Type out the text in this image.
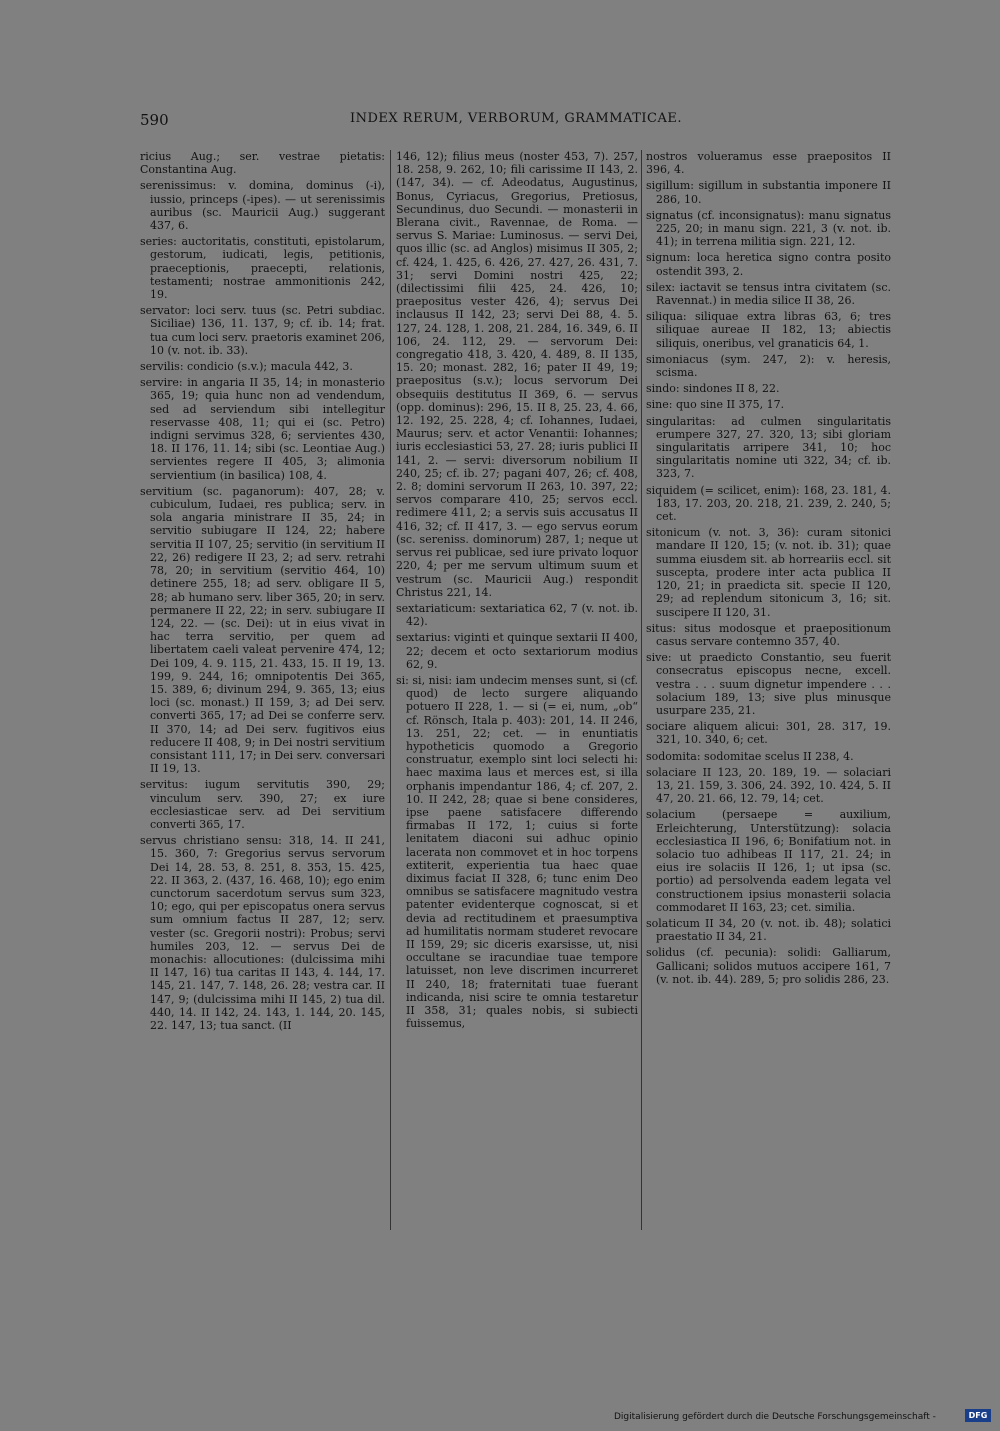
590	INDEX RERUM, VERBORUM, GRAMMATICAE.

ricius Aug.; ser. vestrae pietatis: Constantina Aug.

serenissimus: v. domina, dominus (-i), iussio, princeps (-ipes). — ut serenissimis auribus (sc. Mauricii Aug.) suggerant 437, 6.

series: auctoritatis, constituti, epistolarum, gestorum, iudicati, legis, petitionis, praeceptionis, praecepti, relationis, testamenti; nostrae ammonitionis 242, 19.

servator: loci serv. tuus (sc. Petri subdiac. Siciliae) 136, 11. 137, 9; cf. ib. 14; frat. tua cum loci serv. praetoris examinet 206, 10 (v. not. ib. 33).

servilis: condicio (s.v.); macula 442, 3.

servire: in angaria II 35, 14; in monasterio 365, 19; quia hunc non ad vendendum, sed ad serviendum sibi intellegitur reservasse 408, 11; qui ei (sc. Petro) indigni servimus 328, 6; servientes 430, 18. II 176, 11. 14; sibi (sc. Leontiae Aug.) servientes regere II 405, 3; alimonia servientium (in basilica) 108, 4.

servitium (sc. paganorum): 407, 28; v. cubiculum, Iudaei, res publica; serv. in sola angaria ministrare II 35, 24; in servitio subiugare II 124, 22; habere servitia II 107, 25; servitio (in servitium II 22, 26) redigere II 23, 2; ad serv. retrahi 78, 20; in servitium (servitio 464, 10) detinere 255, 18; ad serv. obligare II 5, 28; ab humano serv. liber 365, 20; in serv. permanere II 22, 22; in serv. subiugare II 124, 22. — (sc. Dei): ut in eius vivat in hac terra servitio, per quem ad libertatem caeli valeat pervenire 474, 12; Dei 109, 4. 9. 115, 21. 433, 15. II 19, 13. 199, 9. 244, 16; omnipotentis Dei 365, 15. 389, 6; divinum 294, 9. 365, 13; eius loci (sc. monast.) II 159, 3; ad Dei serv. converti 365, 17; ad Dei se conferre serv. II 370, 14; ad Dei serv. fugitivos eius reducere II 408, 9; in Dei nostri servitium consistant 111, 17; in Dei serv. conversari II 19, 13.

servitus: iugum servitutis 390, 29; vinculum serv. 390, 27; ex iure ecclesiasticae serv. ad Dei servitium converti 365, 17.

servus christiano sensu: 318, 14. II 241, 15. 360, 7: Gregorius servus servorum Dei 14, 28. 53, 8. 251, 8. 353, 15. 425, 22. II 363, 2. (437, 16. 468, 10); ego enim cunctorum sacerdotum servus sum 323, 10; ego, qui per episcopatus onera servus sum omnium factus II 287, 12; serv. vester (sc. Gregorii nostri): Probus; servi humiles 203, 12. — servus Dei de monachis: allocutiones: (dulcissima mihi II 147, 16) tua caritas II 143, 4. 144, 17. 145, 21. 147, 7. 148, 26. 28; vestra car. II 147, 9; (dulcissima mihi II 145, 2) tua dil. 440, 14. II 142, 24. 143, 1. 144, 20. 145, 22. 147, 13; tua sanct. (II

146, 12); filius meus (noster 453, 7). 257, 18. 258, 9. 262, 10; fili carissime II 143, 2. (147, 34). — cf. Adeodatus, Augustinus, Bonus, Cyriacus, Gregorius, Pretiosus, Secundinus, duo Secundi. — monasterii in Blerana civit., Ravennae, de Roma. — servus S. Mariae: Luminosus. — servi Dei, quos illic (sc. ad Anglos) misimus II 305, 2; cf. 424, 1. 425, 6. 426, 27. 427, 26. 431, 7. 31; servi Domini nostri 425, 22; (dilectissimi filii 425, 24. 426, 10; praepositus vester 426, 4); servus Dei inclausus II 142, 23; servi Dei 88, 4. 5. 127, 24. 128, 1. 208, 21. 284, 16. 349, 6. II 106, 24. 112, 29. — servorum Dei: congregatio 418, 3. 420, 4. 489, 8. II 135, 15. 20; monast. 282, 16; pater II 49, 19; praepositus (s.v.); locus servorum Dei obsequiis destitutus II 369, 6. — servus (opp. dominus): 296, 15. II 8, 25. 23, 4. 66, 12. 192, 25. 228, 4; cf. Iohannes, Iudaei, Maurus; serv. et actor Venantii: Iohannes; iuris ecclesiastici 53, 27. 28; iuris publici II 141, 2. — servi: diversorum nobilium II 240, 25; cf. ib. 27; pagani 407, 26; cf. 408, 2. 8; domini servorum II 263, 10. 397, 22; servos comparare 410, 25; servos eccl. redimere 411, 2; a servis suis accusatus II 416, 32; cf. II 417, 3. — ego servus eorum (sc. sereniss. dominorum) 287, 1; neque ut servus rei publicae, sed iure privato loquor 220, 4; per me servum ultimum suum et vestrum (sc. Mauricii Aug.) respondit Christus 221, 14.

sextariaticum: sextariatica 62, 7 (v. not. ib. 42).

sextarius: viginti et quinque sextarii II 400, 22; decem et octo sextariorum modius 62, 9.

si: si, nisi: iam undecim menses sunt, si (cf. quod) de lecto surgere aliquando potuero II 228, 1. — si (= ei, num, „ob“ cf. Rönsch, Itala p. 403): 201, 14. II 246, 13. 251, 22; cet. — in enuntiatis hypotheticis quomodo a Gregorio construatur, exemplo sint loci selecti hi: haec maxima laus et merces est, si illa orphanis impendantur 186, 4; cf. 207, 2. 10. II 242, 28; quae si bene consideres, ipse paene satisfacere differendo firmabas II 172, 1; cuius si forte lenitatem diaconi sui adhuc opinio lacerata non commovet et in hoc torpens extiterit, experientia tua haec quae diximus faciat II 328, 6; tunc enim Deo omnibus se satisfacere magnitudo vestra patenter evidenterque cognoscat, si et devia ad rectitudinem et praesumptiva ad humilitatis normam studeret revocare II 159, 29; sic diceris exarsisse, ut, nisi occultane se iracundiae tuae tempore latuisset, non leve discrimen incurreret II 240, 18; fraternitati tuae fuerant indicanda, nisi scire te omnia testaretur II 358, 31; quales nobis, si subiecti fuissemus,

nostros volueramus esse praepositos II 396, 4.

sigillum: sigillum in substantia imponere II 286, 10.

signatus (cf. inconsignatus): manu signatus 225, 20; in manu sign. 221, 3 (v. not. ib. 41); in terrena militia sign. 221, 12.

signum: loca heretica signo contra posito ostendit 393, 2.

silex: iactavit se tensus intra civitatem (sc. Ravennat.) in media silice II 38, 26.

siliqua: siliquae extra libras 63, 6; tres siliquae aureae II 182, 13; abiectis siliquis, oneribus, vel granaticis 64, 1.

simoniacus (sym. 247, 2): v. heresis, scisma.

sindo: sindones II 8, 22.

sine: quo sine II 375, 17.

singularitas: ad culmen singularitatis erumpere 327, 27. 320, 13; sibi gloriam singularitatis arripere 341, 10; hoc singularitatis nomine uti 322, 34; cf. ib. 323, 7.

siquidem (= scilicet, enim): 168, 23. 181, 4. 183, 17. 203, 20. 218, 21. 239, 2. 240, 5; cet.

sitonicum (v. not. 3, 36): curam sitonici mandare II 120, 15; (v. not. ib. 31); quae summa eiusdem sit. ab horreariis eccl. sit suscepta, prodere inter acta publica II 120, 21; in praedicta sit. specie II 120, 29; ad replendum sitonicum 3, 16; sit. suscipere II 120, 31.

situs: situs modosque et praepositionum casus servare contemno 357, 40.

sive: ut praedicto Constantio, seu fuerit consecratus episcopus necne, excell. vestra . . . suum dignetur impendere . . . solacium 189, 13; sive plus minusque usurpare 235, 21.

sociare aliquem alicui: 301, 28. 317, 19. 321, 10. 340, 6; cet.

sodomita: sodomitae scelus II 238, 4.

solaciare II 123, 20. 189, 19. — solaciari 13, 21. 159, 3. 306, 24. 392, 10. 424, 5. II 47, 20. 21. 66, 12. 79, 14; cet.

solacium (persaepe = auxilium, Erleichterung, Unterstützung): solacia ecclesiastica II 196, 6; Bonifatium not. in solacio tuo adhibeas II 117, 21. 24; in eius ire solaciis II 126, 1; ut ipsa (sc. portio) ad persolvenda eadem legata vel constructionem ipsius monasterii solacia commodaret II 163, 23; cet. similia.

solaticum II 34, 20 (v. not. ib. 48); solatici praestatio II 34, 21.

solidus (cf. pecunia): solidi: Galliarum, Gallicani; solidos mutuos accipere 161, 7 (v. not. ib. 44). 289, 5; pro solidis 286, 23.

Digitalisierung gefördert durch die Deutsche Forschungsgemeinschaft -	DFG
